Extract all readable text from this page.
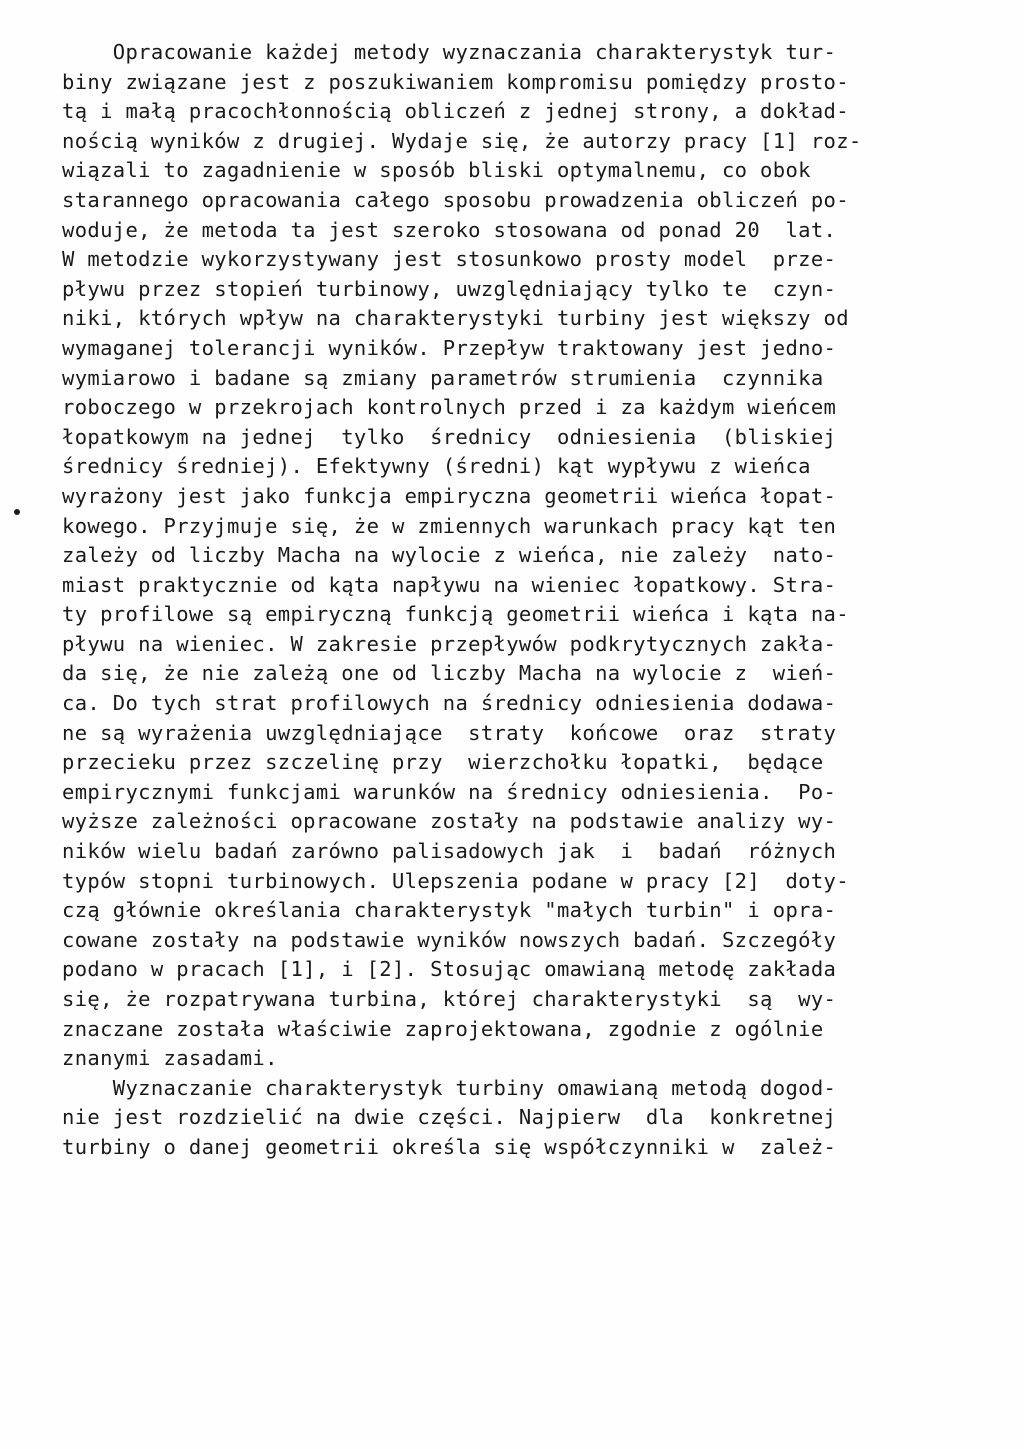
Opracowanie każdej metody wyznaczania charakterystyk tur-
biny związane jest z poszukiwaniem kompromisu pomiędzy prosto-
tą i małą pracochłonnością obliczeń z jednej strony, a dokład-
nością wyników z drugiej. Wydaje się, że autorzy pracy [1] roz-
wiązali to zagadnienie w sposób bliski optymalnemu, co obok
starannego opracowania całego sposobu prowadzenia obliczeń po-
woduje, że metoda ta jest szeroko stosowana od ponad 20  lat.
W metodzie wykorzystywany jest stosunkowo prosty model  prze-
pływu przez stopień turbinowy, uwzględniający tylko te  czyn-
niki, których wpływ na charakterystyki turbiny jest większy od
wymaganej tolerancji wyników. Przepływ traktowany jest jedno-
wymiarowo i badane są zmiany parametrów strumienia  czynnika
roboczego w przekrojach kontrolnych przed i za każdym wieńcem
łopatkowym na jednej  tylko  średnicy  odniesienia  (bliskiej
średnicy średniej). Efektywny (średni) kąt wypływu z wieńca
wyrażony jest jako funkcja empiryczna geometrii wieńca łopat-
kowego. Przyjmuje się, że w zmiennych warunkach pracy kąt ten
zależy od liczby Macha na wylocie z wieńca, nie zależy  nato-
miast praktycznie od kąta napływu na wieniec łopatkowy. Stra-
ty profilowe są empiryczną funkcją geometrii wieńca i kąta na-
pływu na wieniec. W zakresie przepływów podkrytycznych zakła-
da się, że nie zależą one od liczby Macha na wylocie z  wień-
ca. Do tych strat profilowych na średnicy odniesienia dodawa-
ne są wyrażenia uwzględniające  straty  końcowe  oraz  straty
przecieku przez szczelinę przy  wierzchołku łopatki,  będące
empirycznymi funkcjami warunków na średnicy odniesienia.  Po-
wyższe zależności opracowane zostały na podstawie analizy wy-
ników wielu badań zarówno palisadowych jak  i  badań  różnych
typów stopni turbinowych. Ulepszenia podane w pracy [2]  doty-
czą głównie określania charakterystyk "małych turbin" i opra-
cowane zostały na podstawie wyników nowszych badań. Szczegóły
podano w pracach [1], i [2]. Stosując omawianą metodę zakłada
się, że rozpatrywana turbina, której charakterystyki  są  wy-
znaczane została właściwie zaprojektowana, zgodnie z ogólnie
znanymi zasadami.
Wyznaczanie charakterystyk turbiny omawianą metodą dogod-
nie jest rozdzielić na dwie części. Najpierw  dla  konkretnej
turbiny o danej geometrii określa się współczynniki w  zależ-
